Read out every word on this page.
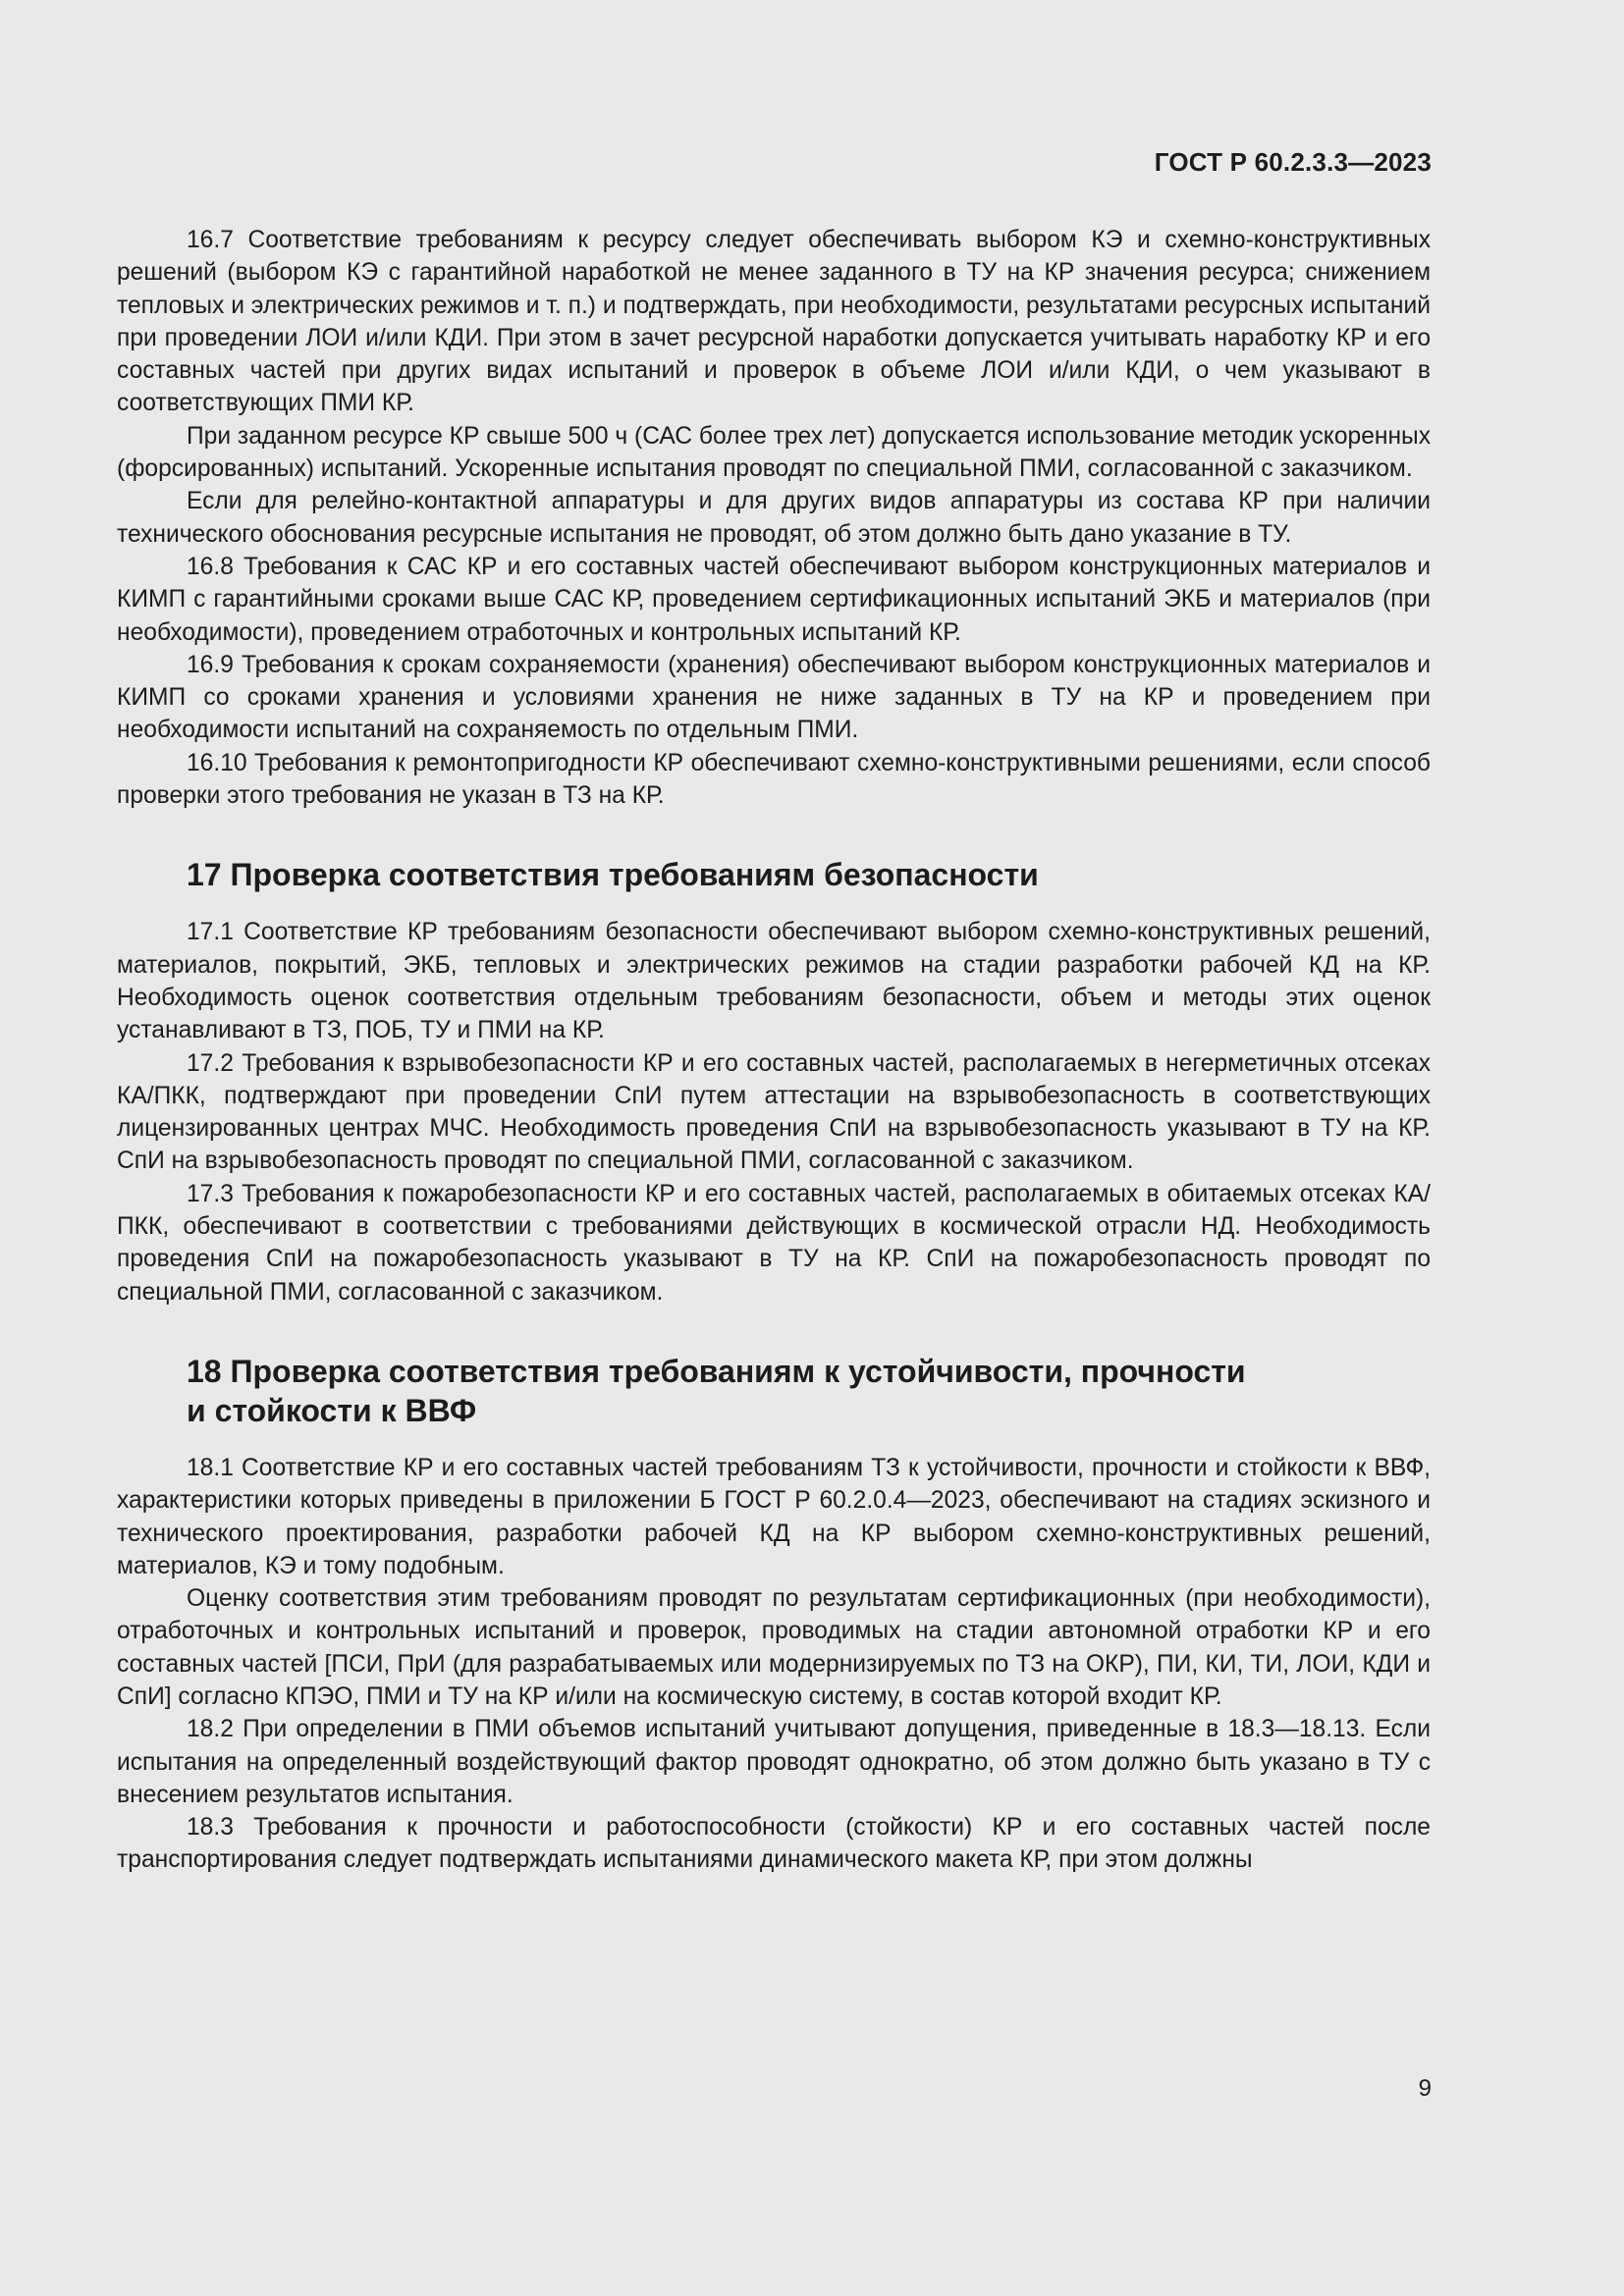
ГОСТ Р 60.2.3.3—2023

16.7 Соответствие требованиям к ресурсу следует обеспечивать выбором КЭ и схемно-конструктивных решений (выбором КЭ с гарантийной наработкой не менее заданного в ТУ на КР значения ресурса; снижением тепловых и электрических режимов и т. п.) и подтверждать, при необходимости, результатами ресурсных испытаний при проведении ЛОИ и/или КДИ. При этом в зачет ресурсной наработки допускается учитывать наработку КР и его составных частей при других видах испытаний и проверок в объеме ЛОИ и/или КДИ, о чем указывают в соответствующих ПМИ КР.

При заданном ресурсе КР свыше 500 ч (САС более трех лет) допускается использование методик ускоренных (форсированных) испытаний. Ускоренные испытания проводят по специальной ПМИ, согласованной с заказчиком.

Если для релейно-контактной аппаратуры и для других видов аппаратуры из состава КР при наличии технического обоснования ресурсные испытания не проводят, об этом должно быть дано указание в ТУ.

16.8 Требования к САС КР и его составных частей обеспечивают выбором конструкционных материалов и КИМП с гарантийными сроками выше САС КР, проведением сертификационных испытаний ЭКБ и материалов (при необходимости), проведением отработочных и контрольных испытаний КР.

16.9 Требования к срокам сохраняемости (хранения) обеспечивают выбором конструкционных материалов и КИМП со сроками хранения и условиями хранения не ниже заданных в ТУ на КР и проведением при необходимости испытаний на сохраняемость по отдельным ПМИ.

16.10 Требования к ремонтопригодности КР обеспечивают схемно-конструктивными решениями, если способ проверки этого требования не указан в ТЗ на КР.

17 Проверка соответствия требованиям безопасности

17.1 Соответствие КР требованиям безопасности обеспечивают выбором схемно-конструктивных решений, материалов, покрытий, ЭКБ, тепловых и электрических режимов на стадии разработки рабочей КД на КР. Необходимость оценок соответствия отдельным требованиям безопасности, объем и методы этих оценок устанавливают в ТЗ, ПОБ, ТУ и ПМИ на КР.

17.2 Требования к взрывобезопасности КР и его составных частей, располагаемых в негерметичных отсеках КА/ПКК, подтверждают при проведении СпИ путем аттестации на взрывобезопасность в соответствующих лицензированных центрах МЧС. Необходимость проведения СпИ на взрывобезопасность указывают в ТУ на КР. СпИ на взрывобезопасность проводят по специальной ПМИ, согласованной с заказчиком.

17.3 Требования к пожаробезопасности КР и его составных частей, располагаемых в обитаемых отсеках КА/ПКК, обеспечивают в соответствии с требованиями действующих в космической отрасли НД. Необходимость проведения СпИ на пожаробезопасность указывают в ТУ на КР. СпИ на пожаробезопасность проводят по специальной ПМИ, согласованной с заказчиком.

18 Проверка соответствия требованиям к устойчивости, прочности
и стойкости к ВВФ

18.1 Соответствие КР и его составных частей требованиям ТЗ к устойчивости, прочности и стойкости к ВВФ, характеристики которых приведены в приложении Б ГОСТ Р 60.2.0.4—2023, обеспечивают на стадиях эскизного и технического проектирования, разработки рабочей КД на КР выбором схемно-конструктивных решений, материалов, КЭ и тому подобным.

Оценку соответствия этим требованиям проводят по результатам сертификационных (при необходимости), отработочных и контрольных испытаний и проверок, проводимых на стадии автономной отработки КР и его составных частей [ПСИ, ПрИ (для разрабатываемых или модернизируемых по ТЗ на ОКР), ПИ, КИ, ТИ, ЛОИ, КДИ и СпИ] согласно КПЭО, ПМИ и ТУ на КР и/или на космическую систему, в состав которой входит КР.

18.2 При определении в ПМИ объемов испытаний учитывают допущения, приведенные в 18.3—18.13. Если испытания на определенный воздействующий фактор проводят однократно, об этом должно быть указано в ТУ с внесением результатов испытания.

18.3 Требования к прочности и работоспособности (стойкости) КР и его составных частей после транспортирования следует подтверждать испытаниями динамического макета КР, при этом должны

9
